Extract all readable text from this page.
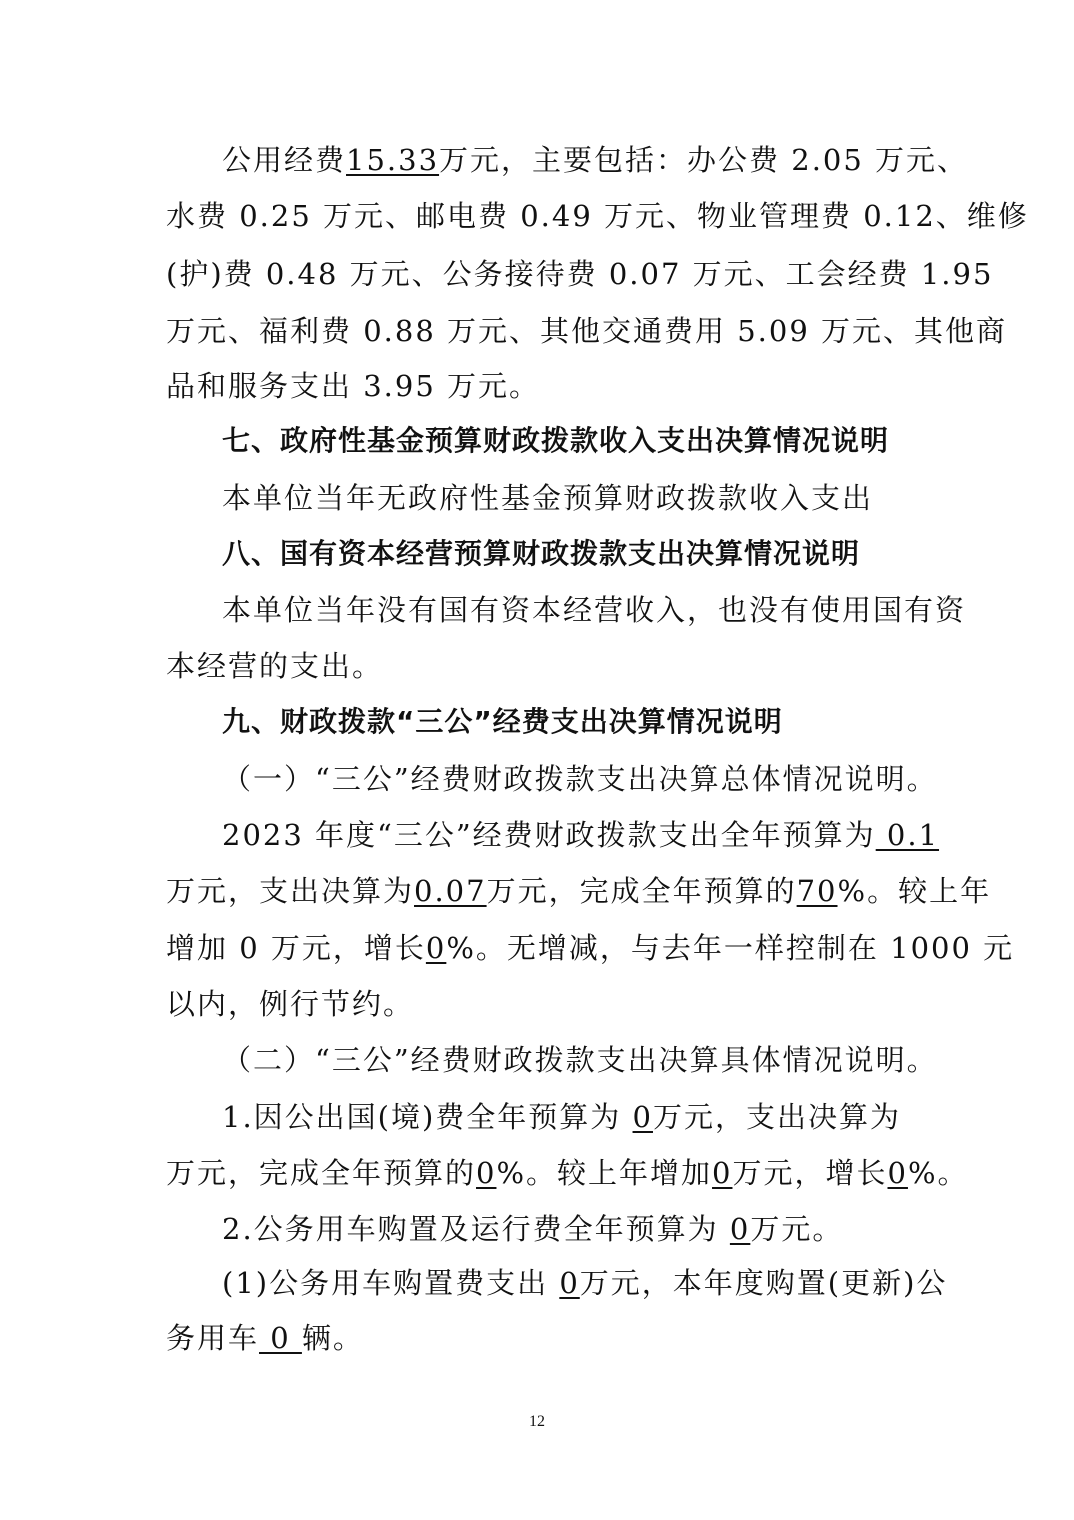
公用经费15.33万元，主要包括：办公费 2.05 万元、
水费 0.25 万元、邮电费 0.49 万元、物业管理费 0.12、维修
(护)费 0.48 万元、公务接待费 0.07 万元、工会经费 1.95
万元、福利费 0.88 万元、其他交通费用 5.09 万元、其他商
品和服务支出 3.95 万元。
七、政府性基金预算财政拨款收入支出决算情况说明
本单位当年无政府性基金预算财政拨款收入支出
八、国有资本经营预算财政拨款支出决算情况说明
本单位当年没有国有资本经营收入，也没有使用国有资
本经营的支出。
九、财政拨款“三公”经费支出决算情况说明
（一）“三公”经费财政拨款支出决算总体情况说明。
2023 年度“三公”经费财政拨款支出全年预算为 0.1
万元，支出决算为0.07万元，完成全年预算的70%。较上年
增加 0 万元，增长0%。无增减，与去年一样控制在 1000 元
以内，例行节约。
（二）“三公”经费财政拨款支出决算具体情况说明。
1.因公出国(境)费全年预算为 0万元，支出决算为
万元，完成全年预算的0%。较上年增加0万元，增长0%。
2.公务用车购置及运行费全年预算为 0万元。
(1)公务用车购置费支出 0万元，本年度购置(更新)公
务用车 0 辆。
12
